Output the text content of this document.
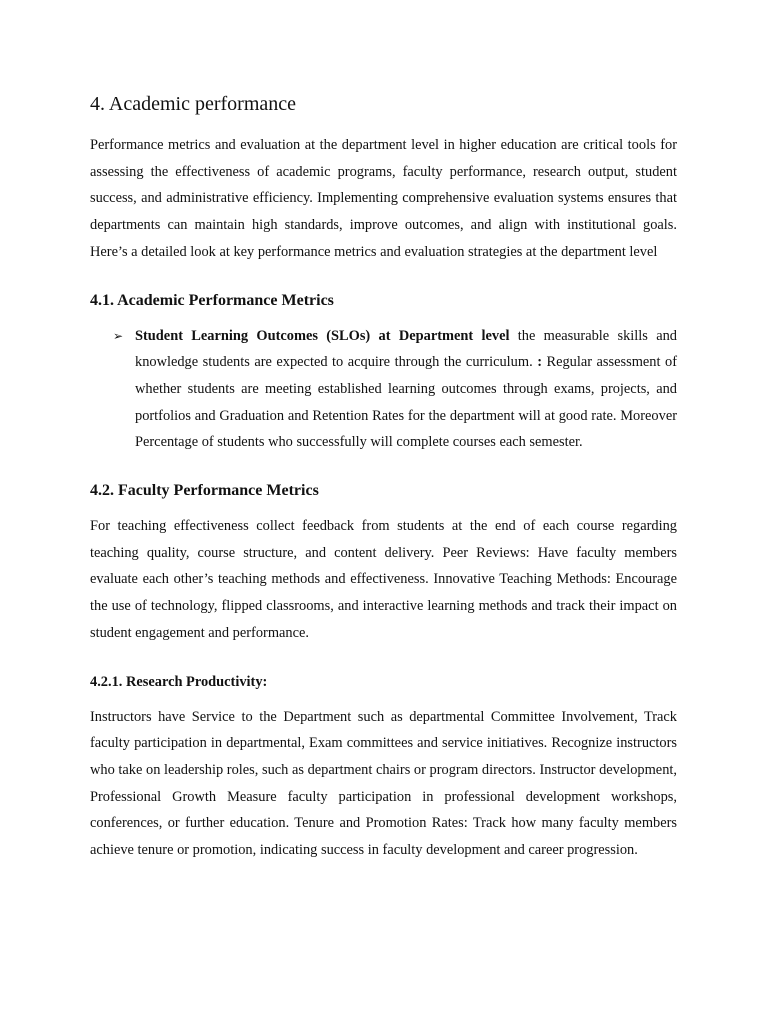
4. Academic performance

Performance metrics and evaluation at the department level in higher education are critical tools for assessing the effectiveness of academic programs, faculty performance, research output, student success, and administrative efficiency. Implementing comprehensive evaluation systems ensures that departments can maintain high standards, improve outcomes, and align with institutional goals. Here’s a detailed look at key performance metrics and evaluation strategies at the department level

4.1. Academic Performance Metrics
➢ Student Learning Outcomes (SLOs) at Department level the measurable skills and knowledge students are expected to acquire through the curriculum. : Regular assessment of whether students are meeting established learning outcomes through exams, projects, and portfolios and Graduation and Retention Rates for the department will at good rate. Moreover Percentage of students who successfully will complete courses each semester.

4.2. Faculty Performance Metrics

For teaching effectiveness collect feedback from students at the end of each course regarding teaching quality, course structure, and content delivery. Peer Reviews: Have faculty members evaluate each other’s teaching methods and effectiveness. Innovative Teaching Methods: Encourage the use of technology, flipped classrooms, and interactive learning methods and track their impact on student engagement and performance.

4.2.1. Research Productivity:

Instructors have Service to the Department such as departmental Committee Involvement, Track faculty participation in departmental, Exam committees and service initiatives. Recognize instructors who take on leadership roles, such as department chairs or program directors. Instructor development, Professional Growth Measure faculty participation in professional development workshops, conferences, or further education. Tenure and Promotion Rates: Track how many faculty members achieve tenure or promotion, indicating success in faculty development and career progression.
